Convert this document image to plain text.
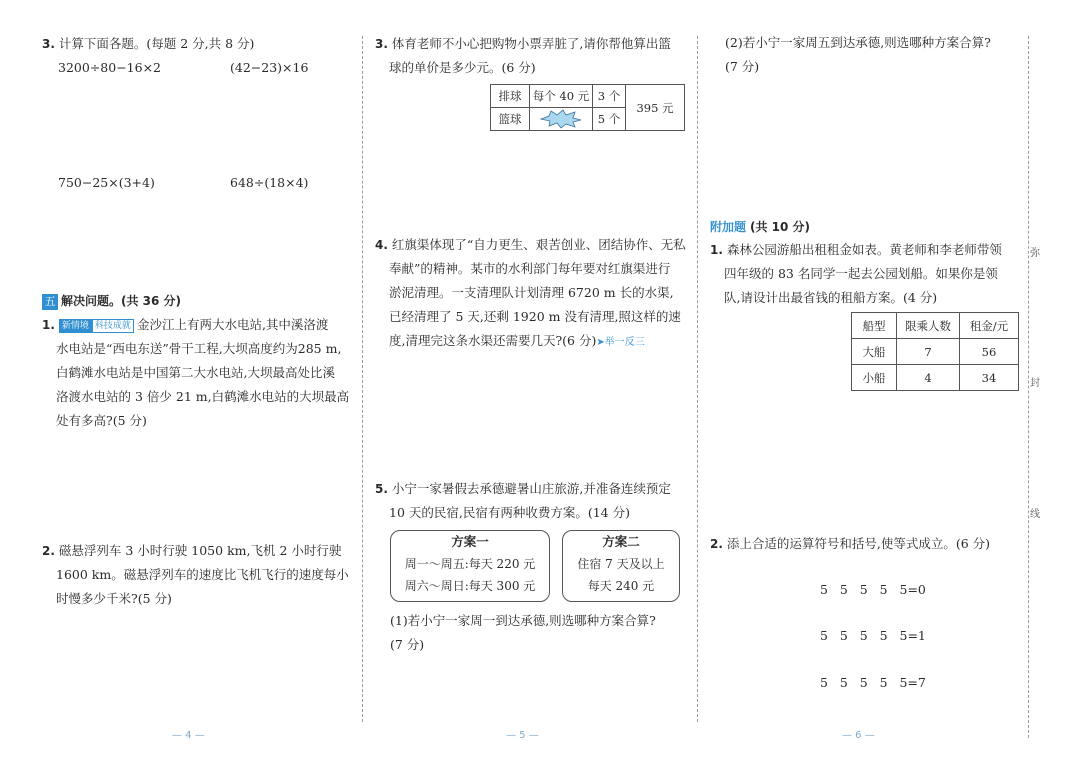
3. 计算下面各题。(每题 2 分,共 8 分)
3200÷80−16×2	(42−23)×16
750−25×(3+4)	648÷(18×4)
五 解决问题。(共 36 分)
1. 新情境 科技成就 金沙江上有两大水电站,其中溪洛渡
水电站是“西电东送”骨干工程,大坝高度约为285 m,
白鹤滩水电站是中国第二大水电站,大坝最高处比溪
洛渡水电站的 3 倍少 21 m,白鹤滩水电站的大坝最高
处有多高?(5 分)
2. 磁悬浮列车 3 小时行驶 1050 km,飞机 2 小时行驶
1600 km。磁悬浮列车的速度比飞机飞行的速度每小
时慢多少千米?(5 分)
— 4 —
3. 体育老师不小心把购物小票弄脏了,请你帮他算出篮
球的单价是多少元。(6 分)
排球	每个 40 元	3 个	395 元
篮球		5 个	
4. 红旗渠体现了“自力更生、艰苦创业、团结协作、无私
奉献”的精神。某市的水利部门每年要对红旗渠进行
淤泥清理。一支清理队计划清理 6720 m 长的水渠,
已经清理了 5 天,还剩 1920 m 没有清理,照这样的速
度,清理完这条水渠还需要几天?(6 分)➤举一反三
5. 小宁一家暑假去承德避暑山庄旅游,并准备连续预定
10 天的民宿,民宿有两种收费方案。(14 分)
方案一
周一～周五:每天 220 元
周六～周日:每天 300 元
方案二
住宿 7 天及以上
每天 240 元
(1)若小宁一家周一到达承德,则选哪种方案合算?
(7 分)
— 5 —
(2)若小宁一家周五到达承德,则选哪种方案合算?
(7 分)
附加题 (共 10 分)
1. 森林公园游船出租租金如表。黄老师和李老师带领
四年级的 83 名同学一起去公园划船。如果你是领
队,请设计出最省钱的租船方案。(4 分)
船型	限乘人数	租金/元
大船	7	56
小船	4	34
2. 添上合适的运算符号和括号,使等式成立。(6 分)
5   5   5   5   5=0
5   5   5   5   5=1
5   5   5   5   5=7
弥
封
线
— 6 —
